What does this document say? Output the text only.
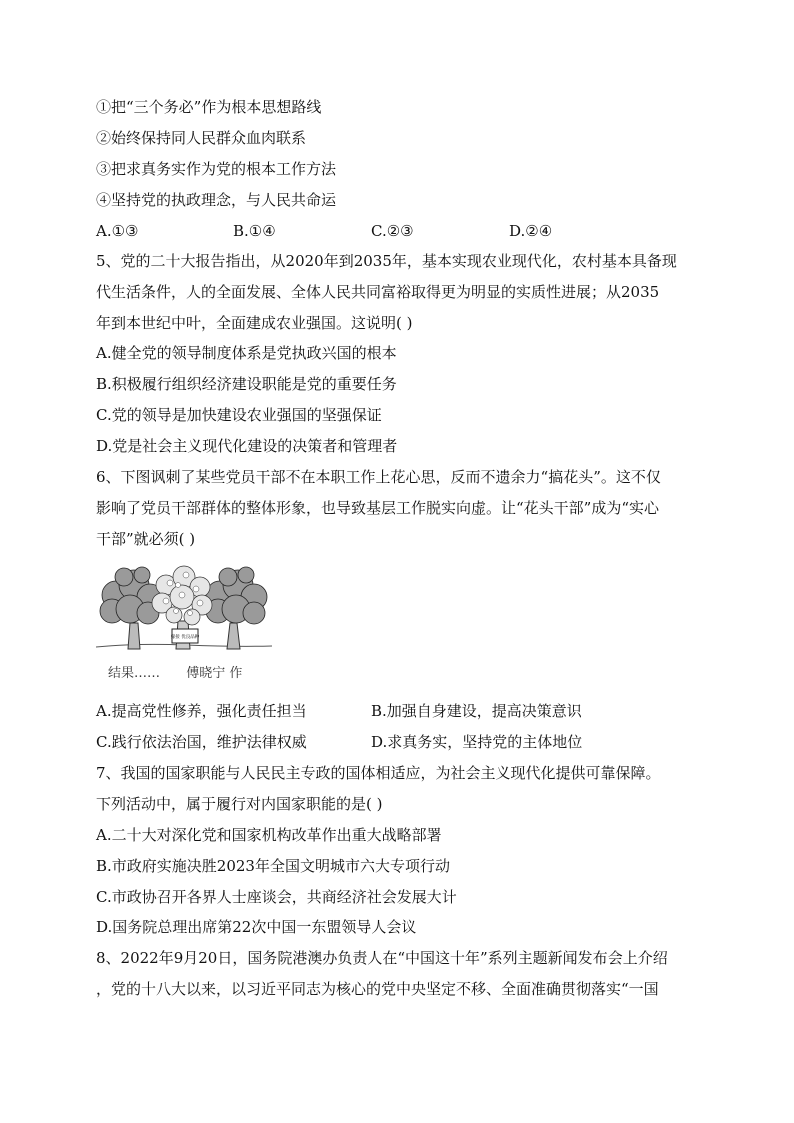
①把“三个务必”作为根本思想路线
②始终保持同人民群众血肉联系
③把求真务实作为党的根本工作方法
④坚持党的执政理念，与人民共命运
A.①③	B.①④	C.②③	D.②④
5、党的二十大报告指出，从2020年到2035年，基本实现农业现代化，农村基本具备现
代生活条件，人的全面发展、全体人民共同富裕取得更为明显的实质性进展；从2035
年到本世纪中叶，全面建成农业强国。这说明( )
A.健全党的领导制度体系是党执政兴国的根本
B.积极履行组织经济建设职能是党的重要任务
C.党的领导是加快建设农业强国的坚强保证
D.党是社会主义现代化建设的决策者和管理者
6、下图讽刺了某些党员干部不在本职工作上花心思，反而不遗余力“搞花头”。这不仅
影响了党员干部群体的整体形象，也导致基层工作脱实向虚。让“花头干部”成为“实心
干部”就必须( )
嫁接 优良品种
结果…… 傅晓宁 作
A.提高党性修养，强化责任担当	B.加强自身建设，提高决策意识
C.践行依法治国，维护法律权威	D.求真务实，坚持党的主体地位
7、我国的国家职能与人民民主专政的国体相适应，为社会主义现代化提供可靠保障。
下列活动中，属于履行对内国家职能的是( )
A.二十大对深化党和国家机构改革作出重大战略部署
B.市政府实施决胜2023年全国文明城市六大专项行动
C.市政协召开各界人士座谈会，共商经济社会发展大计
D.国务院总理出席第22次中国一东盟领导人会议
8、2022年9月20日，国务院港澳办负责人在“中国这十年”系列主题新闻发布会上介绍
，党的十八大以来，以习近平同志为核心的党中央坚定不移、全面准确贯彻落实“一国
